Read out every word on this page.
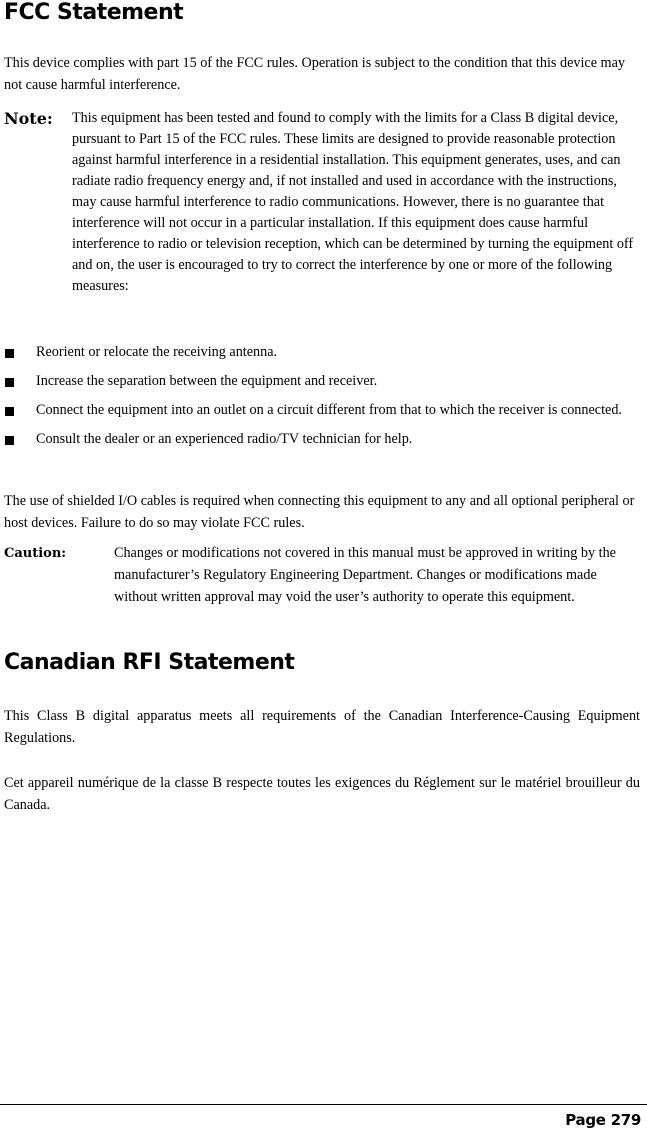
FCC Statement

This device complies with part 15 of the FCC rules. Operation is subject to the condition that this device may not cause harmful interference.

Note: This equipment has been tested and found to comply with the limits for a Class B digital device, pursuant to Part 15 of the FCC rules. These limits are designed to provide reasonable protection against harmful interference in a residential installation. This equipment generates, uses, and can radiate radio frequency energy and, if not installed and used in accordance with the instructions, may cause harmful interference to radio communications. However, there is no guarantee that interference will not occur in a particular installation. If this equipment does cause harmful interference to radio or television reception, which can be determined by turning the equipment off and on, the user is encouraged to try to correct the interference by one or more of the following measures:
Reorient or relocate the receiving antenna.
Increase the separation between the equipment and receiver.
Connect the equipment into an outlet on a circuit different from that to which the receiver is connected.
Consult the dealer or an experienced radio/TV technician for help.

The use of shielded I/O cables is required when connecting this equipment to any and all optional peripheral or host devices. Failure to do so may violate FCC rules.

Caution:	Changes or modifications not covered in this manual must be approved in writing by the manufacturer’s Regulatory Engineering Department. Changes or modifications made without written approval may void the user’s authority to operate this equipment.
Canadian RFI Statement

This Class B digital apparatus meets all requirements of the Canadian Interference-Causing Equipment Regulations.

Cet appareil numérique de la classe B respecte toutes les exigences du Réglement sur le matériel brouilleur du Canada.

Page 279
